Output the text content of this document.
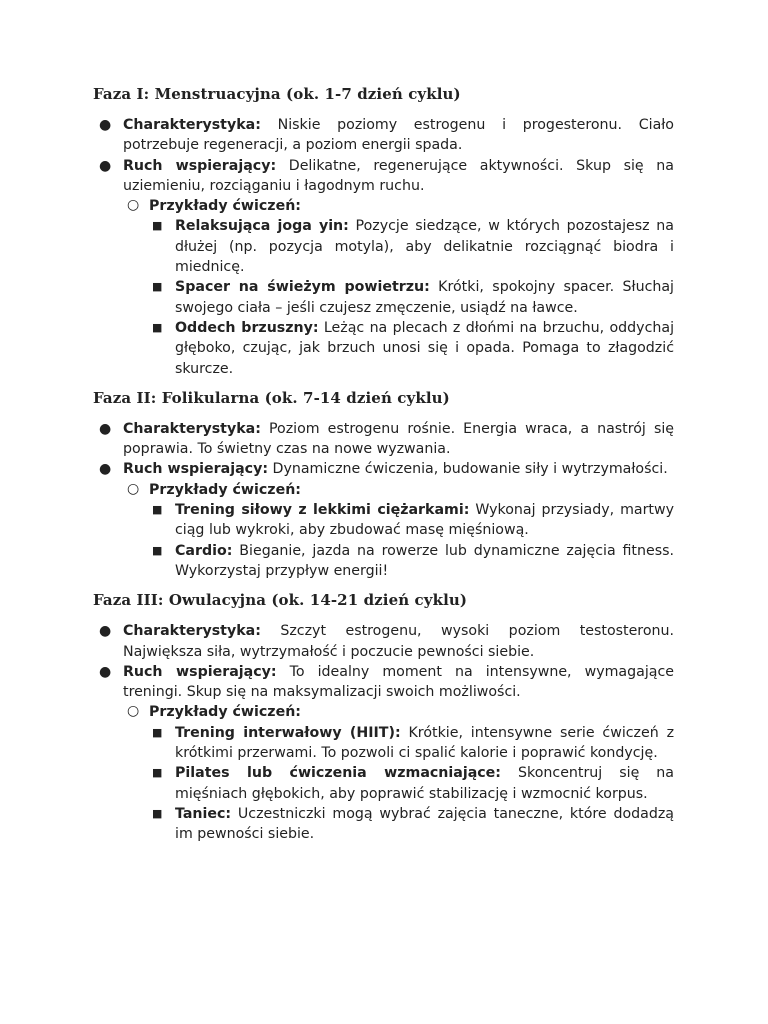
Faza I: Menstruacyjna (ok. 1-7 dzień cyklu)
● Charakterystyka: Niskie poziomy estrogenu i progesteronu. Ciało potrzebuje regeneracji, a poziom energii spada.
● Ruch wspierający: Delikatne, regenerujące aktywności. Skup się na uziemieniu, rozciąganiu i łagodnym ruchu.
○ Przykłady ćwiczeń:
■ Relaksująca joga yin: Pozycje siedzące, w których pozostajesz na dłużej (np. pozycja motyla), aby delikatnie rozciągnąć biodra i miednicę.
■ Spacer na świeżym powietrzu: Krótki, spokojny spacer. Słuchaj swojego ciała – jeśli czujesz zmęczenie, usiądź na ławce.
■ Oddech brzuszny: Leżąc na plecach z dłońmi na brzuchu, oddychaj głęboko, czując, jak brzuch unosi się i opada. Pomaga to złagodzić skurcze.
Faza II: Folikularna (ok. 7-14 dzień cyklu)
● Charakterystyka: Poziom estrogenu rośnie. Energia wraca, a nastrój się poprawia. To świetny czas na nowe wyzwania.
● Ruch wspierający: Dynamiczne ćwiczenia, budowanie siły i wytrzymałości.
○ Przykłady ćwiczeń:
■ Trening siłowy z lekkimi ciężarkami: Wykonaj przysiady, martwy ciąg lub wykroki, aby zbudować masę mięśniową.
■ Cardio: Bieganie, jazda na rowerze lub dynamiczne zajęcia fitness. Wykorzystaj przypływ energii!
Faza III: Owulacyjna (ok. 14-21 dzień cyklu)
● Charakterystyka: Szczyt estrogenu, wysoki poziom testosteronu. Największa siła, wytrzymałość i poczucie pewności siebie.
● Ruch wspierający: To idealny moment na intensywne, wymagające treningi. Skup się na maksymalizacji swoich możliwości.
○ Przykłady ćwiczeń:
■ Trening interwałowy (HIIT): Krótkie, intensywne serie ćwiczeń z krótkimi przerwami. To pozwoli ci spalić kalorie i poprawić kondycję.
■ Pilates lub ćwiczenia wzmacniające: Skoncentruj się na mięśniach głębokich, aby poprawić stabilizację i wzmocnić korpus.
■ Taniec: Uczestniczki mogą wybrać zajęcia taneczne, które dodadzą im pewności siebie.
